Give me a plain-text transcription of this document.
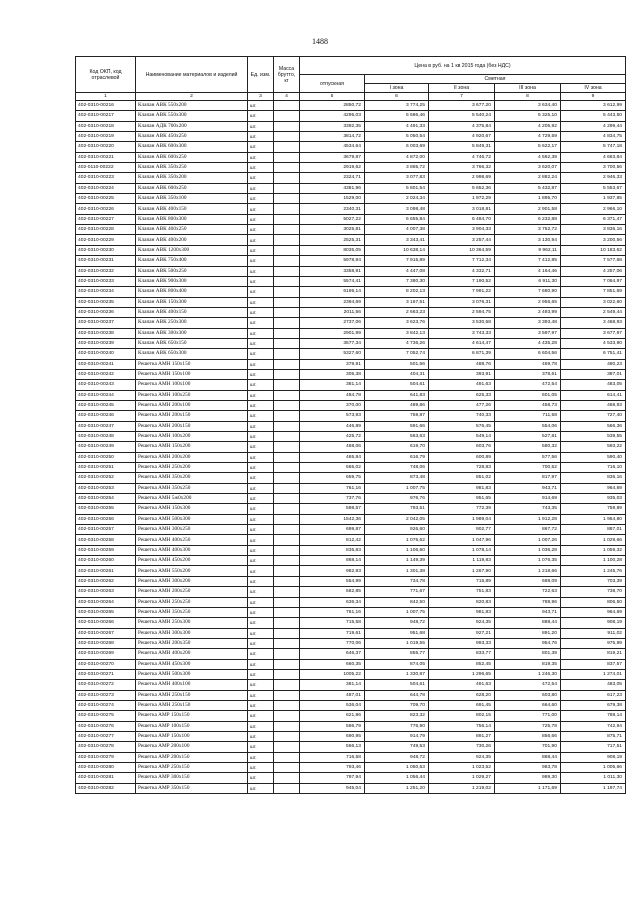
1488
Код ОКП, код отраслевой	Наименование материалов и изделий	Ед. изм.	Масса брутто, кг	Цена в руб. на 1 кв 2015 года (без НДС)				
				отпускная	Сметная			
					I зона	II зона	III зона	IV зона
1	2	3	4	5	6	7	8	9
402-0310-00216	Клапан АВК 550х200	шт.		2850,72	3 774,25	3 677,20	3 634,40	3 612,99
402-0310-00217	Клапан АВК 550х300	шт.		4295,03	5 686,46	5 540,24	5 325,10	5 443,50
402-0310-00218	Клапан АДК 700х200	шт.		3392,35	4 491,33	4 375,84	4 205,92	4 299,44
402-0310-00219	Клапан АВК 450х250	шт.		3814,72	5 050,54	4 920,67	4 729,59	4 834,75
402-0310-00220	Клапан АВК 600х300	шт.		4534,64	6 003,69	5 849,31	5 622,17	5 747,18
402-0310-00221	Клапан АВК 600х250	шт.		3679,87	4 872,00	4 746,72	4 562,39	4 663,84
402-0110-00222	Клапан АВК 350х250	шт.		2919,62	3 865,72	3 766,32	3 620,07	3 700,56
402-0310-00223	Клапан АВК 350х200	шт.		2324,71	3 077,83	2 998,69	2 882,24	2 946,33
402-0310-00224	Клапан АВК 600х250	шт.		4381,96	5 801,54	5 652,36	5 432,87	5 553,67
402-0310-00225	Клапан АВК 350х100	шт.		1529,00	2 024,34	1 972,29	1 895,70	1 937,85
402-0310-00226	Клапан АВК 400х150	шт.		2340,31	3 098,48	3 018,81	2 901,58	2 966,10
402-0310-00227	Клапан АВК 800х300	шт.		5027,22	6 655,84	6 484,70	6 232,88	6 371,47
402-0310-00228	Клапан АВК 400х250	шт.		3025,81	4 007,38	3 904,33	3 752,72	3 836,16
402-0310-00229	Клапан АВК 400х200	шт.		2525,31	3 343,41	3 257,44	3 130,94	3 200,56
402-0310-00230	Клапан АВК 1200х300	шт.		8035,05	10 638,14	10 364,59	9 962,11	10 183,62
402-0310-00231	Клапан АВК 750х400	шт.		5978,94	7 915,89	7 712,34	7 412,85	7 577,68
402-0310-00232	Клапан АВК 500х250	шт.		3358,91	4 447,08	4 332,71	4 164,46	4 257,06
402-0310-00233	Клапан АВК 900х300	шт.		5574,41	7 380,30	7 190,52	6 911,30	7 064,97
402-0310-00234	Клапан АВК 800х400	шт.		6195,14	8 202,13	7 991,22	7 680,90	7 851,69
402-0310-00235	Клапан АВК 150х300	шт.		2394,69	3 167,51	3 076,31	2 956,65	3 022,60
402-0310-00236	Клапан АВК 400х150	шт.		2011,56	2 663,23	2 594,75	2 493,99	2 549,44
402-0310-00237	Клапан АВК 250х300	шт.		2737,06	3 623,76	3 530,58	3 393,48	3 468,93
402-0310-00238	Клапан АВК 300х300	шт.		2901,99	3 842,13	3 743,33	3 597,97	3 677,97
402-0310-00239	Клапан АВК 650х150	шт.		3577,34	4 736,26	4 614,47	4 435,28	4 533,90
402-0310-00240	Клапан АВК 650х300	шт.		5327,60	7 052,74	6 871,39	6 604,56	6 751,41
402-0310-00241	Решетка АМН 150х150	шт.		378,91	501,66	488,76	469,78	480,23
402-0310-00242	Решетка АМН 150х100	шт.		305,38	404,31	393,91	378,61	387,01
402-0310-00243	Решетка АМН 100х100	шт.		381,14	504,61	491,63	472,54	483,05
402-0310-00244	Решетка АМН 100х250	шт.		484,78	641,83	625,33	601,05	614,41
402-0310-00245	Решетка АМН 200х100	шт.		370,00	489,86	477,26	458,73	468,93
402-0310-00246	Решетка АМН 200х150	шт.		573,93	759,87	740,33	711,58	727,40
402-0310-00247	Решетка АМН 200х150	шт.		446,89	591,66	576,45	554,06	566,36
402-0310-00248	Решетка АМН 100х200	шт.		425,72	563,63	549,14	527,81	539,55
402-0310-00249	Решетка АМН 150х200	шт.		468,06	619,70	603,76	580,32	593,22
402-0310-00250	Решетка АМН 200х200	шт.		465,84	616,79	600,89	577,56	590,40
402-0310-00251	Решетка АМН 250х200	шт.		565,02	748,06	728,83	700,52	716,10
402-0310-00252	Решетка АМН 350х200	шт.		659,75	873,48	851,02	817,97	836,16
402-0310-00253	Решетка АМН 350х250	шт.		761,16	1 007,75	981,83	943,71	964,69
402-0310-00254	Решетка АМН 5ж0х200	шт.		737,76	976,76	951,65	914,69	935,03
402-0310-00255	Решетка АМН 150х300	шт.		598,57	793,51	772,39	743,35	759,89
402-0310-00256	Решетка АМН 500х300	шт.		1542,36	2 042,05	1 989,04	1 912,28	1 954,80
402-0310-00257	Решетка АМН 300х250	шт.		699,87	926,60	902,77	867,72	887,01
402-0310-00258	Решетка АМН 400х250	шт.		812,42	1 075,62	1 047,96	1 007,26	1 029,66
402-0310-00259	Решетка АМН 400х300	шт.		835,83	1 106,60	1 078,14	1 036,28	1 059,32
402-0310-00260	Решетка АМН 450х200	шт.		868,14	1 149,39	1 119,83	1 076,35	1 100,28
402-0310-00261	Решетка АМН 550х200	шт.		982,93	1 301,38	1 267,90	1 218,66	1 245,76
402-0310-00262	Решетка АМН 300х200	шт.		554,99	734,78	715,89	688,09	703,39
402-0310-00263	Решетка АМН 200х250	шт.		582,85	771,67	751,83	722,63	738,70
402-0310-00264	Решетка АМН 250х250	шт.		636,34	842,50	820,83	788,96	806,50
402-0310-00265	Решетка АМН 350х250	шт.		761,16	1 007,75	981,83	943,71	964,69
402-0310-00266	Решетка АМН 250х300	шт.		715,58	948,72	924,35	888,44	908,19
402-0310-00267	Решетка АМН 300х300	шт.		719,61	951,68	927,21	891,20	911,02
402-0310-00268	Решетка АМН 200х350	шт.		770,06	1 019,55	993,33	954,76	975,99
402-0310-00269	Решетка АМН 400х200	шт.		646,37	855,77	833,77	801,39	819,21
402-0310-00270	Решетка АМН 450х300	шт.		660,35	874,05	852,45	819,35	837,57
402-0310-00271	Решетка АМН 500х300	шт.		1005,22	1 330,87	1 296,65	1 246,30	1 274,01
402-0310-00272	Решетка АМН 400х100	шт.		381,14	504,61	491,63	472,54	483,05
402-0310-00273	Решетка АМН 250х150	шт.		487,01	644,78	628,20	603,80	617,23
402-0310-00274	Решетка АМН 250х150	шт.		536,04	709,70	691,45	664,60	679,38
402-0310-00275	Решетка АМР 150х150	шт.		621,86	823,32	802,15	771,00	788,14
402-0310-00276	Решетка АМР 100х150	шт.		586,79	776,90	756,14	725,78	742,94
402-0310-00277	Решетка АМР 150х100	шт.		690,95	914,79	891,27	856,66	875,71
402-0310-00278	Решетка АМР 200х100	шт.		566,13	749,53	730,26	701,90	717,51
402-0310-00279	Решетка АМР 200х150	шт.		716,58	948,72	924,35	888,44	908,19
402-0310-00280	Решетка АМР 250х150	шт.		793,46	1 050,53	1 023,52	983,78	1 005,66
402-0310-00281	Решетка АМР 300х150	шт.		797,94	1 056,44	1 029,27	989,30	1 011,30
402-0310-00282	Решетка АМР 350х150	шт.		945,04	1 251,20	1 219,02	1 171,69	1 197,74
